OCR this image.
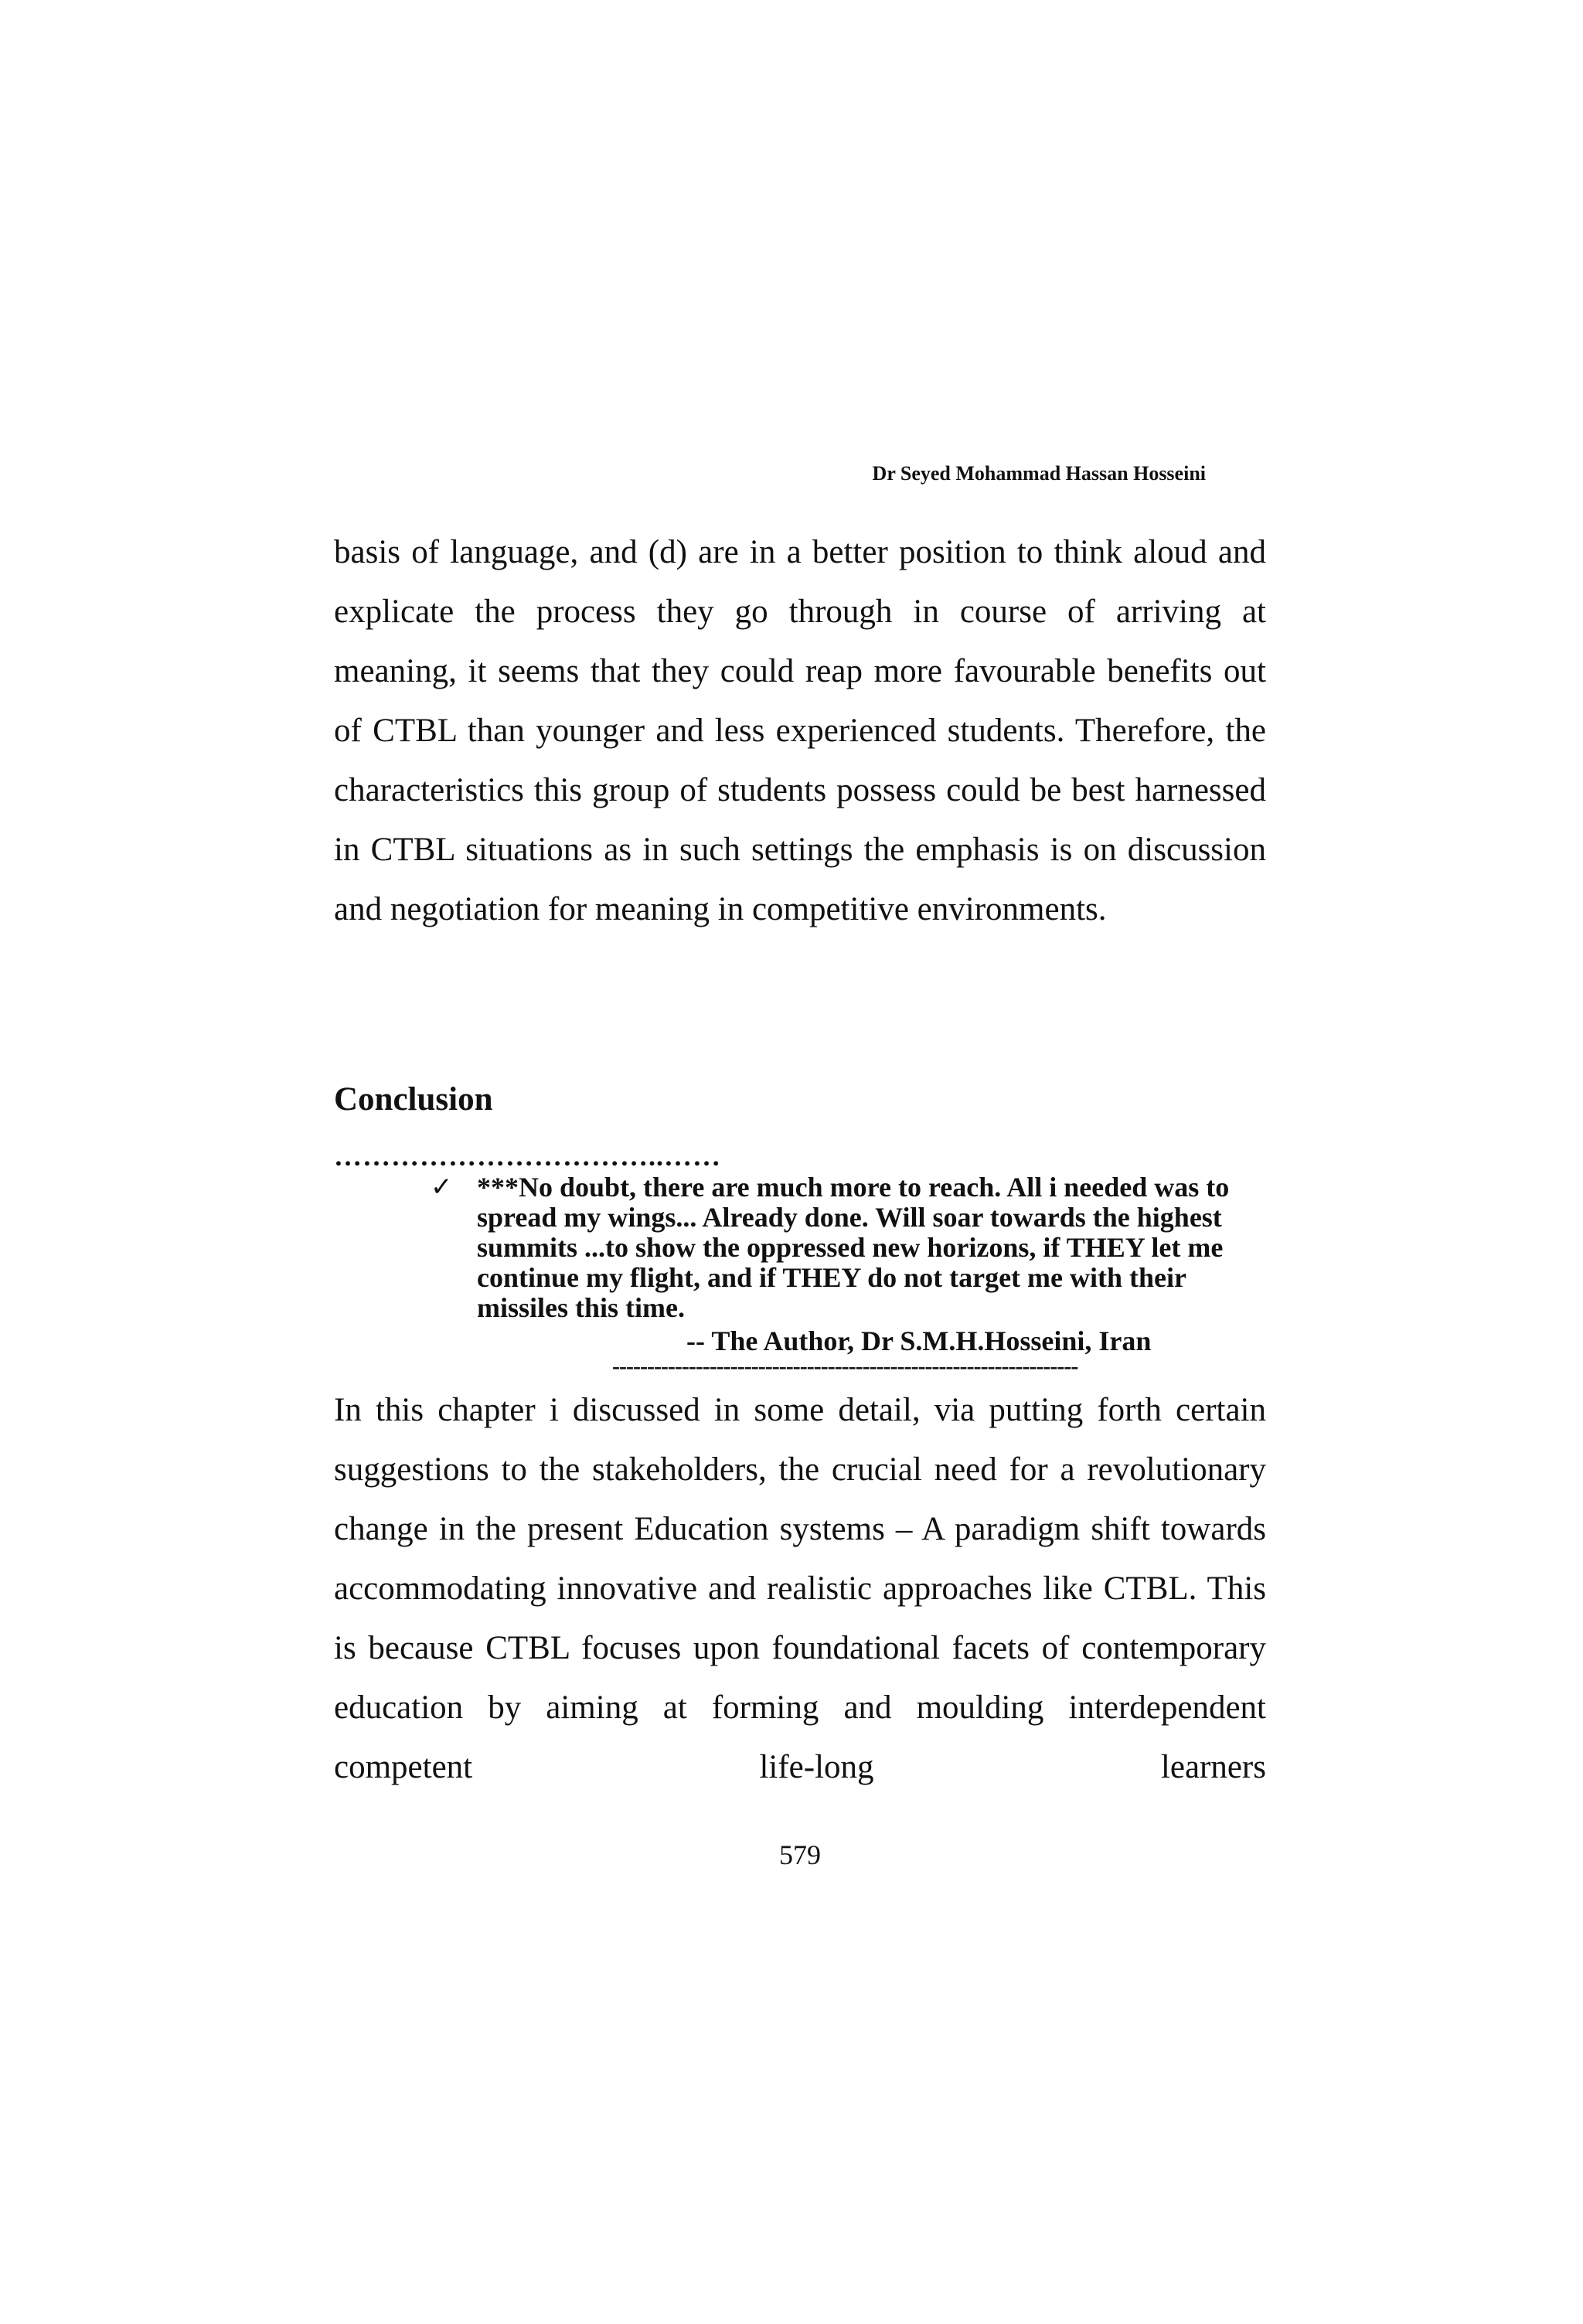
Dr Seyed Mohammad Hassan Hosseini
basis of language, and (d) are in a better position to think aloud and explicate the process they go through in course of arriving at meaning, it seems that they could reap more favourable benefits out of CTBL than younger and less experienced students. Therefore, the characteristics this group of students possess could be best harnessed in CTBL situations as in such settings the emphasis is on discussion and negotiation for meaning in competitive environments.
Conclusion
……………………………..……
✓ ***No doubt, there are much more to reach. All i needed was to spread my wings... Already done. Will soar towards the highest summits ...to show the oppressed new horizons, if THEY let me continue my flight, and if THEY do not target me with their missiles this time.
-- The Author, Dr S.M.H.Hosseini, Iran
-------------------------------------------------------------------
In this chapter i discussed in some detail, via putting forth certain suggestions to the stakeholders, the crucial need for a revolutionary change in the present Education systems – A paradigm shift towards accommodating innovative and realistic approaches like CTBL. This is because CTBL focuses upon foundational facets of contemporary education by aiming at forming and moulding interdependent competent life-long learners
579
